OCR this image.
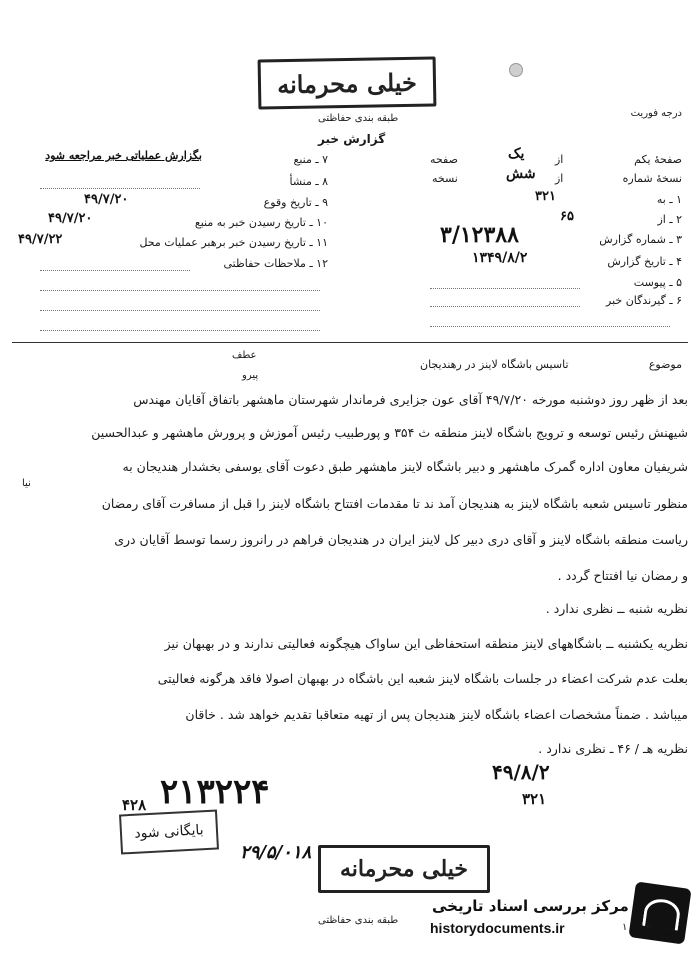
خیلی محرمانه
درجه فوریت
طبقه بندی حفاظتی
گزارش خبر
۷ ـ منبع
بگزارش عملیاتی خبر مراجعه شود
۸ ـ منشأ
۹ ـ تاریخ وقوع
۴۹/۷/۲۰
۱۰ ـ تاریخ رسیدن خبر به منبع
۴۹/۷/۲۰
۱۱ ـ تاریخ رسیدن خبر برهبر عملیات محل
۴۹/۷/۲۲
۱۲ ـ ملاحظات حفاظتی
صفحهٔ یکم
از
یک
صفحه
نسخهٔ شماره
از
شش
نسخه
۱ ـ به
۳۲۱
۲ ـ از
۶۵
۳ ـ شماره گزارش
۳/۱۲۳۸۸
۴ ـ تاریخ گزارش
۱۳۴۹/۸/۲
۵ ـ پیوست
۶ ـ گیرندگان خبر
عطف
پیرو
موضوع
تاسیس باشگاه لاینز در رهندیجان
بعد از ظهر روز دوشنبه مورخه ۴۹/۷/۲۰ آقای عون جزایری فرماندار شهرستان ماهشهر باتفاق آقایان مهندس
شیهنش رئیس توسعه و ترویج باشگاه لاینز منطقه ث ۳۵۴ و پورطبیب رئیس آموزش و پرورش ماهشهر و عبدالحسین
شریفیان معاون اداره گمرک ماهشهر و دبیر باشگاه لاینز ماهشهر طبق دعوت آقای یوسفی بخشدار هندیجان به
نیا
منظور تاسیس شعبه باشگاه لاینز به هندیجان آمد ند تا مقدمات افتتاح باشگاه لاینز را قبل از مسافرت آقای رمضان
ریاست منطقه باشگاه لاینز و آقای دری دبیر کل لاینز ایران در هندیجان فراهم در رانروز رسما توسط آقایان دری
و رمضان نیا افتتاح گردد .
نظریه شنبه ــ نظری ندارد .
نظریه یکشنبه ــ باشگاههای لاینز منطقه استحفاظی این ساواک هیچگونه فعالیتی ندارند و در بهبهان نیز
بعلت عدم شرکت اعضاء در جلسات باشگاه لاینز شعبه این باشگاه در بهبهان اصولا فاقد هرگونه فعالیتی
میباشد . ضمناً مشخصات اعضاء باشگاه لاینز هندیجان پس از تهیه متعاقبا تقدیم خواهد شد . خاقان
نظریه هـ / ۴۶ ـ نظری ندارد .
۴۹/۸/۲
۳۲۱
۲۱۳۲۲۴
۴۲۸
بایگانی شود
۲۹/۵/۰۱۸
خیلی محرمانه
طبقه بندی حفاظتی
مرکز بررسی اسناد تاریخی
historydocuments.ir	۱
